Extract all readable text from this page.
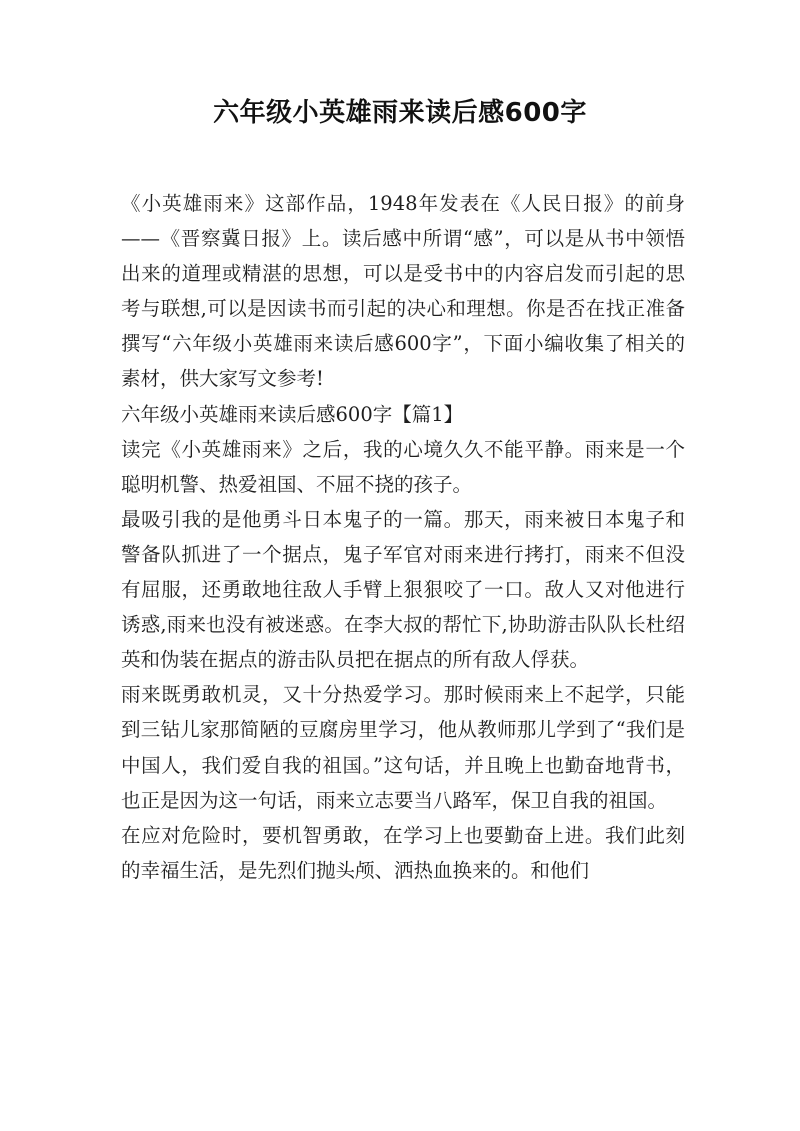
六年级小英雄雨来读后感600字

《小英雄雨来》这部作品，1948年发表在《人民日报》的前身——《晋察冀日报》上。读后感中所谓“感”，可以是从书中领悟出来的道理或精湛的思想，可以是受书中的内容启发而引起的思考与联想,可以是因读书而引起的决心和理想。你是否在找正准备撰写“六年级小英雄雨来读后感600字”，下面小编收集了相关的素材，供大家写文参考!

六年级小英雄雨来读后感600字【篇1】

读完《小英雄雨来》之后，我的心境久久不能平静。雨来是一个聪明机警、热爱祖国、不屈不挠的孩子。

最吸引我的是他勇斗日本鬼子的一篇。那天，雨来被日本鬼子和警备队抓进了一个据点，鬼子军官对雨来进行拷打，雨来不但没有屈服，还勇敢地往敌人手臂上狠狠咬了一口。敌人又对他进行诱惑,雨来也没有被迷惑。在李大叔的帮忙下,协助游击队队长杜绍英和伪装在据点的游击队员把在据点的所有敌人俘获。

雨来既勇敢机灵，又十分热爱学习。那时候雨来上不起学，只能到三钻儿家那简陋的豆腐房里学习，他从教师那儿学到了“我们是中国人，我们爱自我的祖国。”这句话，并且晚上也勤奋地背书，也正是因为这一句话，雨来立志要当八路军，保卫自我的祖国。

在应对危险时，要机智勇敢，在学习上也要勤奋上进。我们此刻的幸福生活，是先烈们抛头颅、洒热血换来的。和他们
